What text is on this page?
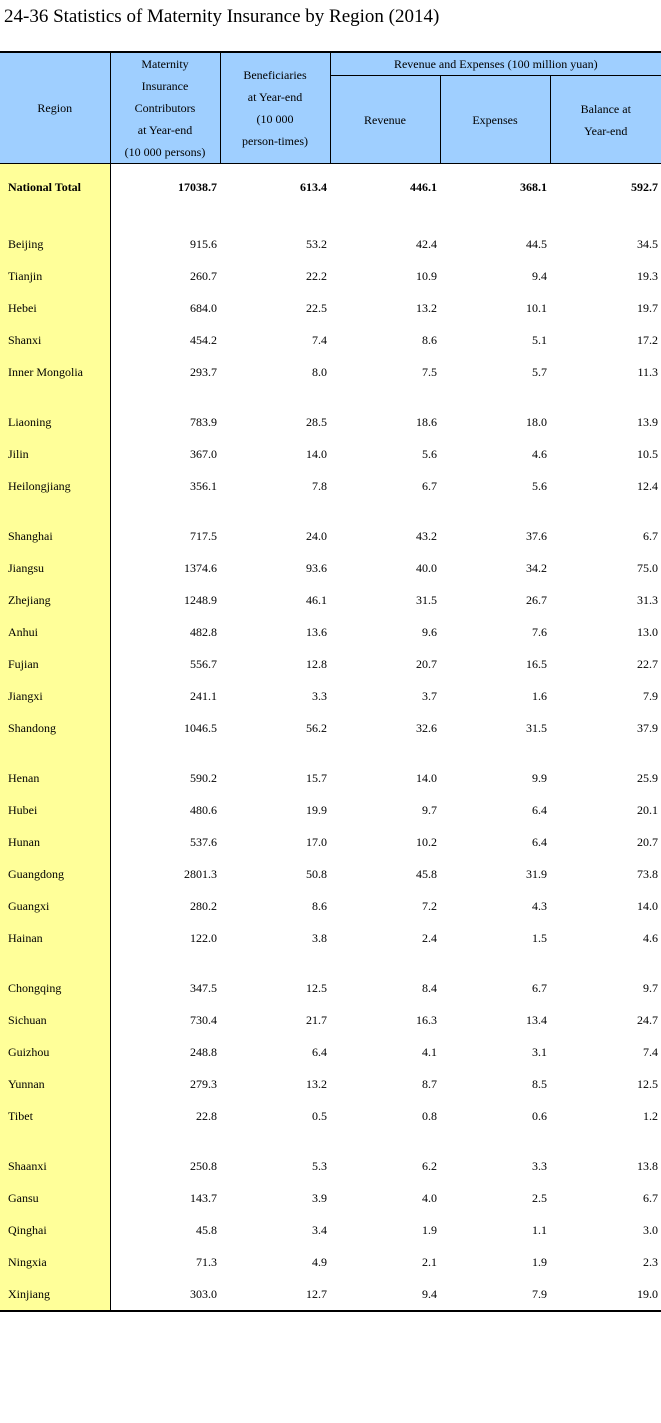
24-36 Statistics of Maternity Insurance by Region (2014)
Region	Maternity
Insurance
Contributors
at Year-end
(10 000 persons)	Beneficiaries
at Year-end
(10 000
person-times)	Revenue and Expenses (100 million yuan)		
			Revenue	Expenses	Balance at
Year-end

National Total	17038.7	613.4	446.1	368.1	592.7

Beijing	915.6	53.2	42.4	44.5	34.5
Tianjin	260.7	22.2	10.9	9.4	19.3
Hebei	684.0	22.5	13.2	10.1	19.7
Shanxi	454.2	7.4	8.6	5.1	17.2
Inner Mongolia	293.7	8.0	7.5	5.7	11.3

Liaoning	783.9	28.5	18.6	18.0	13.9
Jilin	367.0	14.0	5.6	4.6	10.5
Heilongjiang	356.1	7.8	6.7	5.6	12.4

Shanghai	717.5	24.0	43.2	37.6	6.7
Jiangsu	1374.6	93.6	40.0	34.2	75.0
Zhejiang	1248.9	46.1	31.5	26.7	31.3
Anhui	482.8	13.6	9.6	7.6	13.0
Fujian	556.7	12.8	20.7	16.5	22.7
Jiangxi	241.1	3.3	3.7	1.6	7.9
Shandong	1046.5	56.2	32.6	31.5	37.9

Henan	590.2	15.7	14.0	9.9	25.9
Hubei	480.6	19.9	9.7	6.4	20.1
Hunan	537.6	17.0	10.2	6.4	20.7
Guangdong	2801.3	50.8	45.8	31.9	73.8
Guangxi	280.2	8.6	7.2	4.3	14.0
Hainan	122.0	3.8	2.4	1.5	4.6

Chongqing	347.5	12.5	8.4	6.7	9.7
Sichuan	730.4	21.7	16.3	13.4	24.7
Guizhou	248.8	6.4	4.1	3.1	7.4
Yunnan	279.3	13.2	8.7	8.5	12.5
Tibet	22.8	0.5	0.8	0.6	1.2

Shaanxi	250.8	5.3	6.2	3.3	13.8
Gansu	143.7	3.9	4.0	2.5	6.7
Qinghai	45.8	3.4	1.9	1.1	3.0
Ningxia	71.3	4.9	2.1	1.9	2.3
Xinjiang	303.0	12.7	9.4	7.9	19.0
